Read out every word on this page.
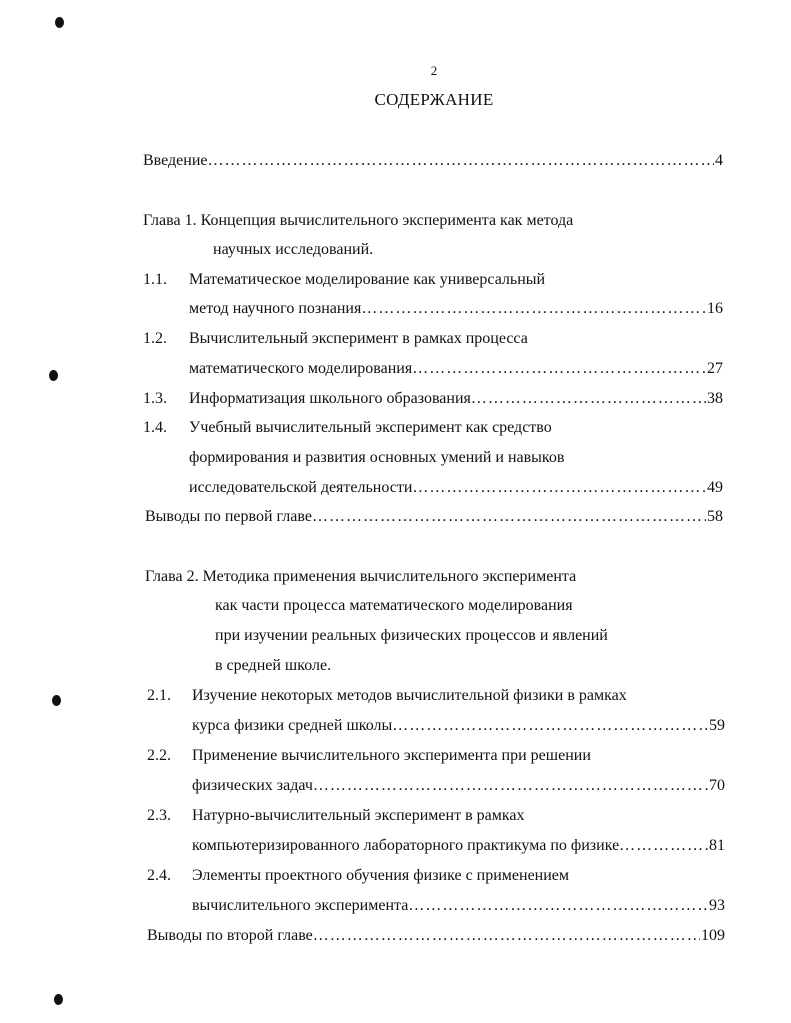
2
СОДЕРЖАНИЕ
Введение …………………………………………………………………………………………………………………………	4
Глава 1. Концепция вычислительного эксперимента как метода
научных исследований.
1.1. Математическое моделирование как универсальный
метод научного познания …………………………………………………………………………………………………………………………	16
1.2. Вычислительный эксперимент в рамках процесса
математического моделирования …………………………………………………………………………………………………………………………	27
1.3. Информатизация школьного образования …………………………………………………………………………………………………………………………	38
1.4. Учебный вычислительный эксперимент как средство
формирования и развития основных умений и навыков
исследовательской деятельности …………………………………………………………………………………………………………………………	49
Выводы по первой главе …………………………………………………………………………………………………………………………	58
Глава 2. Методика применения вычислительного эксперимента
как части процесса математического моделирования
при изучении реальных физических процессов и явлений
в средней школе.
2.1. Изучение некоторых методов вычислительной физики в рамках
курса физики средней школы …………………………………………………………………………………………………………………………	59
2.2. Применение вычислительного эксперимента при решении
физических задач …………………………………………………………………………………………………………………………	70
2.3. Натурно-вычислительный эксперимент в рамках
компьютеризированного лабораторного практикума по физике …………………………………………………………………………………………………………………………	81
2.4. Элементы проектного обучения физике с применением
вычислительного эксперимента …………………………………………………………………………………………………………………………	93
Выводы по второй главе …………………………………………………………………………………………………………………………	109
